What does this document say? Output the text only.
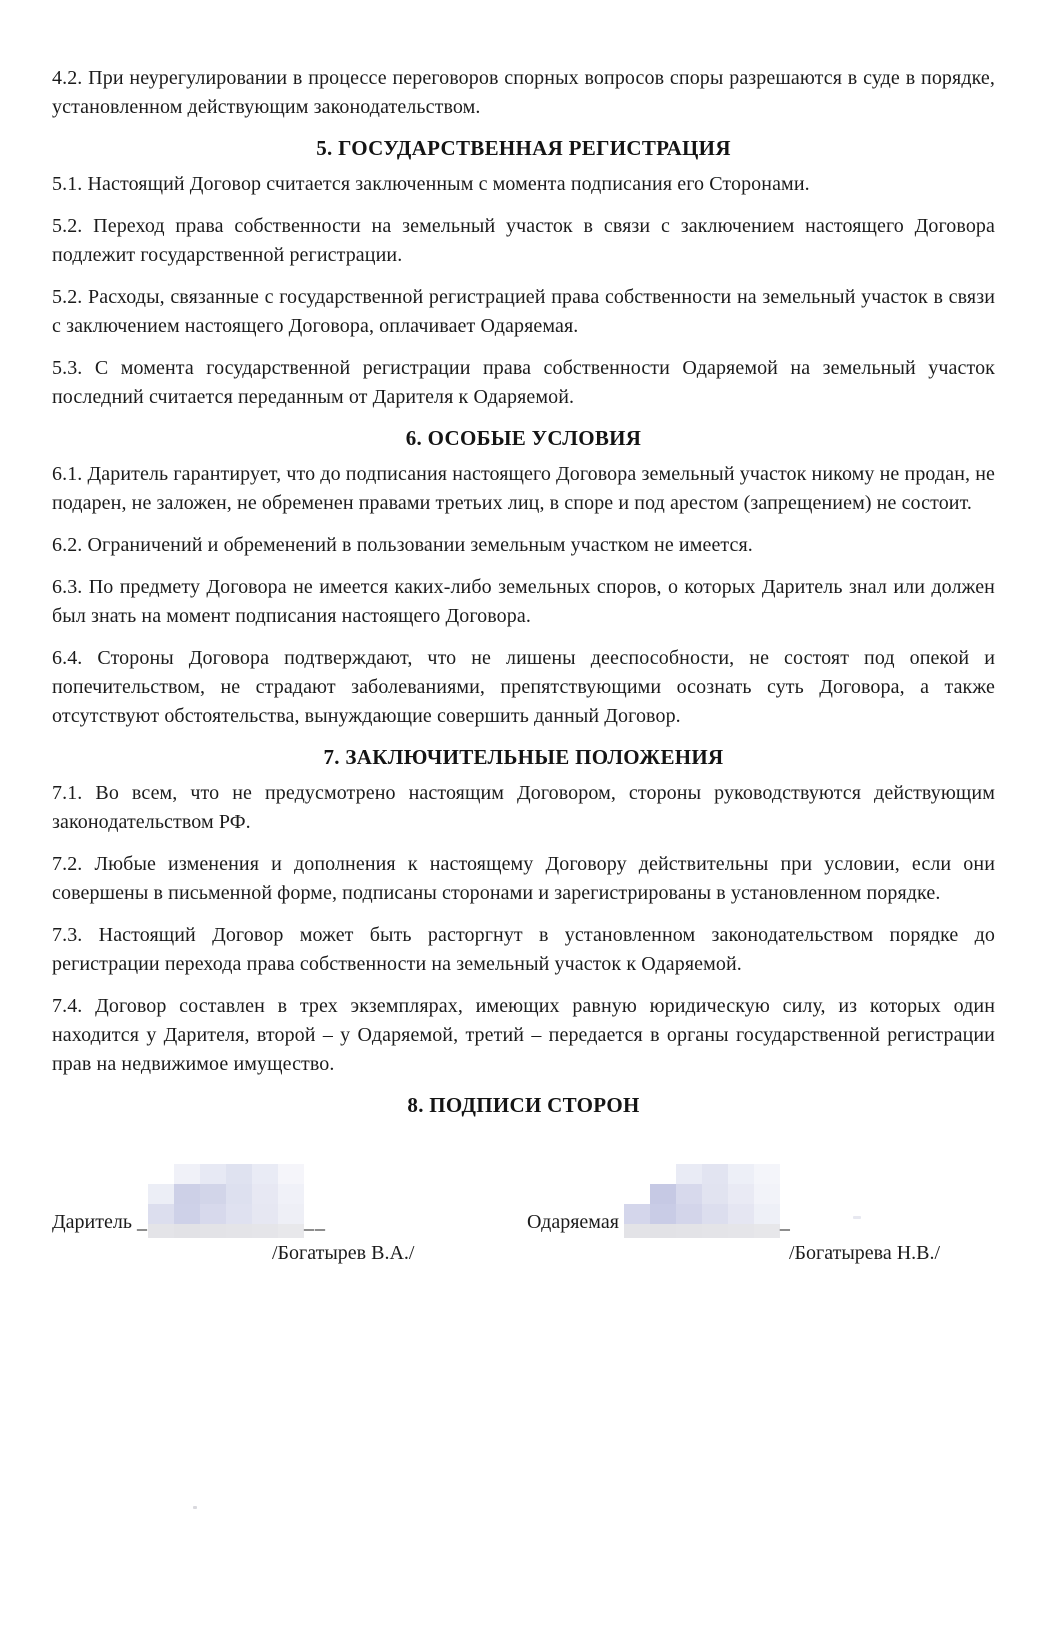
4.2. При неурегулировании в процессе переговоров спорных вопросов споры разрешаются в суде в порядке, установленном действующим законодательством.

5. ГОСУДАРСТВЕННАЯ РЕГИСТРАЦИЯ

5.1. Настоящий Договор считается заключенным с момента подписания его Сторонами.

5.2. Переход права собственности на земельный участок в связи с заключением настоящего Договора подлежит государственной регистрации.

5.2. Расходы, связанные с государственной регистрацией права собственности на земельный участок в связи с заключением настоящего Договора, оплачивает Одаряемая.

5.3. С момента государственной регистрации права собственности Одаряемой на земельный участок последний считается переданным от Дарителя к Одаряемой.

6. ОСОБЫЕ УСЛОВИЯ

6.1. Даритель гарантирует, что до подписания настоящего Договора земельный участок никому не продан, не подарен, не заложен, не обременен правами третьих лиц, в споре и под арестом (запрещением) не состоит.

6.2. Ограничений и обременений в пользовании земельным участком не имеется.

6.3. По предмету Договора не имеется каких-либо земельных споров, о которых Даритель знал или должен был знать на момент подписания настоящего Договора.

6.4. Стороны Договора подтверждают, что не лишены дееспособности, не состоят под опекой и попечительством, не страдают заболеваниями, препятствующими осознать суть Договора, а также отсутствуют обстоятельства, вынуждающие совершить данный Договор.

7. ЗАКЛЮЧИТЕЛЬНЫЕ ПОЛОЖЕНИЯ

7.1. Во всем, что не предусмотрено настоящим Договором, стороны руководствуются действующим законодательством РФ.

7.2. Любые изменения и дополнения к настоящему Договору действительны при условии, если они совершены в письменной форме, подписаны сторонами и зарегистрированы в установленном порядке.

7.3. Настоящий Договор может быть расторгнут в установленном законодательством порядке до регистрации перехода права собственности на земельный участок к Одаряемой.

7.4. Договор составлен в трех экземплярах, имеющих равную юридическую силу, из которых один находится у Дарителя, второй – у Одаряемой, третий – передается в органы государственной регистрации прав на недвижимое имущество.

8. ПОДПИСИ СТОРОН
Даритель _	__
/Богатырев В.А./
Одаряемая	_
/Богатырева Н.В./
